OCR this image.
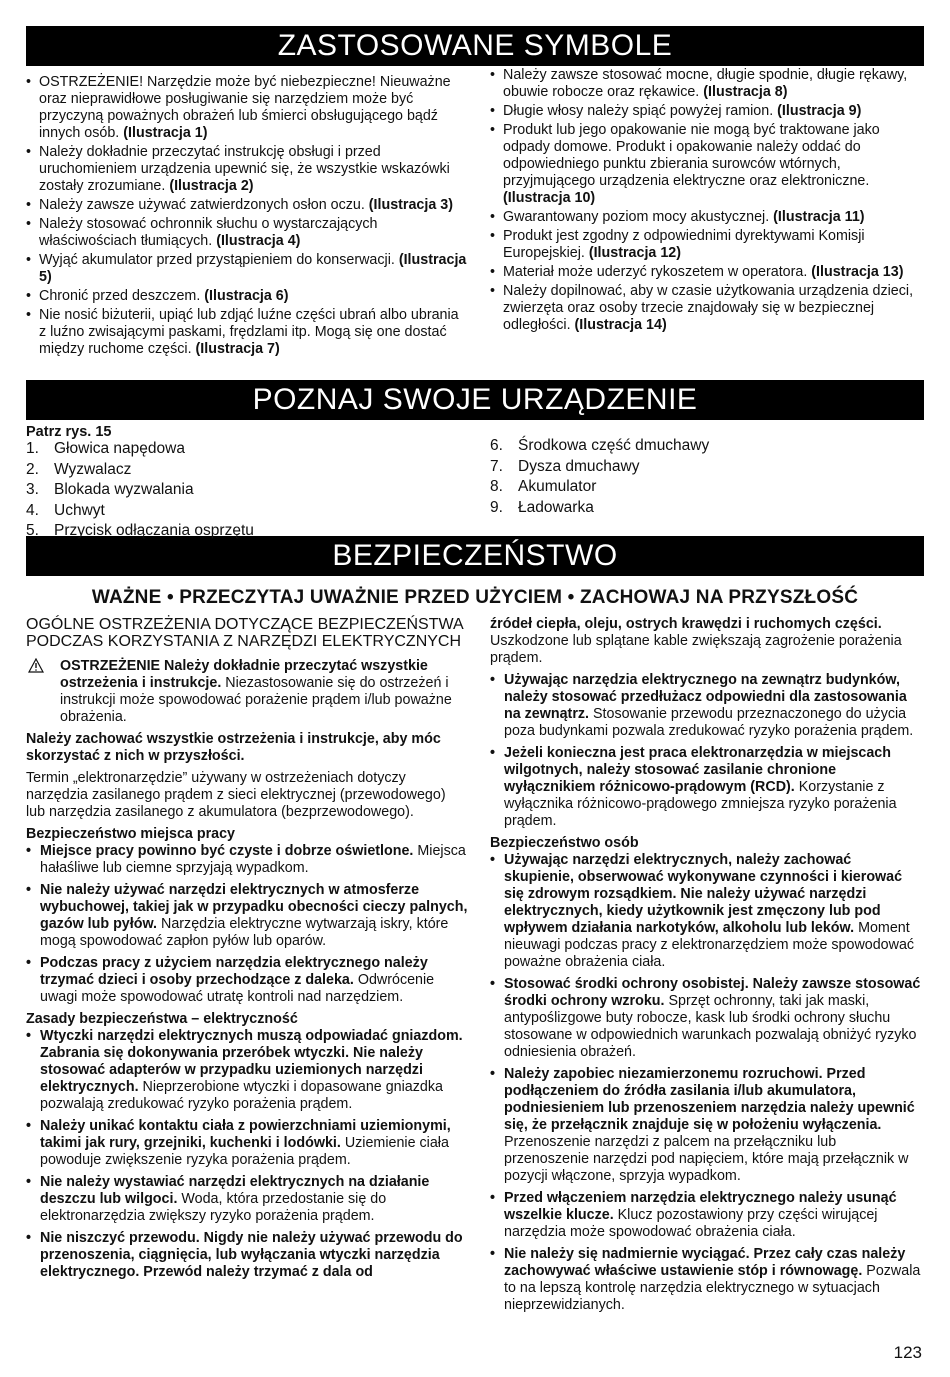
ZASTOSOWANE SYMBOLE
• OSTRZEŻENIE! Narzędzie może być niebezpieczne! Nieuważne oraz nieprawidłowe posługiwanie się narzędziem może być przyczyną poważnych obrażeń lub śmierci obsługującego bądź innych osób. (Ilustracja 1)
• Należy dokładnie przeczytać instrukcję obsługi i przed uruchomieniem urządzenia upewnić się, że wszystkie wskazówki zostały zrozumiane. (Ilustracja 2)
• Należy zawsze używać zatwierdzonych osłon oczu. (Ilustracja 3)
• Należy stosować ochronnik słuchu o wystarczających właściwościach tłumiących. (Ilustracja 4)
• Wyjąć akumulator przed przystąpieniem do konserwacji. (Ilustracja 5)
• Chronić przed deszczem. (Ilustracja 6)
• Nie nosić biżuterii, upiąć lub zdjąć luźne części ubrań albo ubrania z luźno zwisającymi paskami, frędzlami itp. Mogą się one dostać między ruchome części. (Ilustracja 7)
• Należy zawsze stosować mocne, długie spodnie, długie rękawy, obuwie robocze oraz rękawice. (Ilustracja 8)
• Długie włosy należy spiąć powyżej ramion. (Ilustracja 9)
• Produkt lub jego opakowanie nie mogą być traktowane jako odpady domowe. Produkt i opakowanie należy oddać do odpowiedniego punktu zbierania surowców wtórnych, przyjmującego urządzenia elektryczne oraz elektroniczne. (Ilustracja 10)
• Gwarantowany poziom mocy akustycznej. (Ilustracja 11)
• Produkt jest zgodny z odpowiednimi dyrektywami Komisji Europejskiej. (Ilustracja 12)
• Materiał może uderzyć rykoszetem w operatora. (Ilustracja 13)
• Należy dopilnować, aby w czasie użytkowania urządzenia dzieci, zwierzęta oraz osoby trzecie znajdowały się w bezpiecznej odległości. (Ilustracja 14)
POZNAJ SWOJE URZĄDZENIE
Patrz rys. 15
1. Głowica napędowa
2. Wyzwalacz
3. Blokada wyzwalania
4. Uchwyt
5. Przycisk odłączania osprzętu
6. Środkowa część dmuchawy
7. Dysza dmuchawy
8. Akumulator
9. Ładowarka
BEZPIECZEŃSTWO
WAŻNE • PRZECZYTAJ UWAŻNIE PRZED UŻYCIEM • ZACHOWAJ NA PRZYSZŁOŚĆ
OGÓLNE OSTRZEŻENIA DOTYCZĄCE BEZPIECZEŃSTWA PODCZAS KORZYSTANIA Z NARZĘDZI ELEKTRYCZNYCH
OSTRZEŻENIE Należy dokładnie przeczytać wszystkie ostrzeżenia i instrukcje. Niezastosowanie się do ostrzeżeń i instrukcji może spowodować porażenie prądem i/lub poważne obrażenia.

Należy zachować wszystkie ostrzeżenia i instrukcje, aby móc skorzystać z nich w przyszłości.

Termin „elektronarzędzie” używany w ostrzeżeniach dotyczy narzędzia zasilanego prądem z sieci elektrycznej (przewodowego) lub narzędzia zasilanego z akumulatora (bezprzewodowego).

Bezpieczeństwo miejsca pracy
• Miejsce pracy powinno być czyste i dobrze oświetlone. Miejsca hałaśliwe lub ciemne sprzyjają wypadkom.
• Nie należy używać narzędzi elektrycznych w atmosferze wybuchowej, takiej jak w przypadku obecności cieczy palnych, gazów lub pyłów. Narzędzia elektryczne wytwarzają iskry, które mogą spowodować zapłon pyłów lub oparów.
• Podczas pracy z użyciem narzędzia elektrycznego należy trzymać dzieci i osoby przechodzące z daleka. Odwrócenie uwagi może spowodować utratę kontroli nad narzędziem.
Zasady bezpieczeństwa – elektryczność
• Wtyczki narzędzi elektrycznych muszą odpowiadać gniazdom. Zabrania się dokonywania przeróbek wtyczki. Nie należy stosować adapterów w przypadku uziemionych narzędzi elektrycznych. Nieprzerobione wtyczki i dopasowane gniazdka pozwalają zredukować ryzyko porażenia prądem.
• Należy unikać kontaktu ciała z powierzchniami uziemionymi, takimi jak rury, grzejniki, kuchenki i lodówki. Uziemienie ciała powoduje zwiększenie ryzyka porażenia prądem.
• Nie należy wystawiać narzędzi elektrycznych na działanie deszczu lub wilgoci. Woda, która przedostanie się do elektronarzędzia zwiększy ryzyko porażenia prądem.
• Nie niszczyć przewodu. Nigdy nie należy używać przewodu do przenoszenia, ciągnięcia, lub wyłączania wtyczki narzędzia elektrycznego. Przewód należy trzymać z dala od

źródeł ciepła, oleju, ostrych krawędzi i ruchomych części. Uszkodzone lub splątane kable zwiększają zagrożenie porażenia prądem.

• Używając narzędzia elektrycznego na zewnątrz budynków, należy stosować przedłużacz odpowiedni dla zastosowania na zewnątrz. Stosowanie przewodu przeznaczonego do użycia poza budynkami pozwala zredukować ryzyko porażenia prądem.
• Jeżeli konieczna jest praca elektronarzędzia w miejscach wilgotnych, należy stosować zasilanie chronione wyłącznikiem różnicowo-prądowym (RCD). Korzystanie z wyłącznika różnicowo-prądowego zmniejsza ryzyko porażenia prądem.
Bezpieczeństwo osób
• Używając narzędzi elektrycznych, należy zachować skupienie, obserwować wykonywane czynności i kierować się zdrowym rozsądkiem. Nie należy używać narzędzi elektrycznych, kiedy użytkownik jest zmęczony lub pod wpływem działania narkotyków, alkoholu lub leków. Moment nieuwagi podczas pracy z elektronarzędziem może spowodować poważne obrażenia ciała.
• Stosować środki ochrony osobistej. Należy zawsze stosować środki ochrony wzroku. Sprzęt ochronny, taki jak maski, antypoślizgowe buty robocze, kask lub środki ochrony słuchu stosowane w odpowiednich warunkach pozwalają obniżyć ryzyko odniesienia obrażeń.
• Należy zapobiec niezamierzonemu rozruchowi. Przed podłączeniem do źródła zasilania i/lub akumulatora, podniesieniem lub przenoszeniem narzędzia należy upewnić się, że przełącznik znajduje się w położeniu wyłączenia. Przenoszenie narzędzi z palcem na przełączniku lub przenoszenie narzędzi pod napięciem, które mają przełącznik w pozycji włączone, sprzyja wypadkom.
• Przed włączeniem narzędzia elektrycznego należy usunąć wszelkie klucze. Klucz pozostawiony przy części wirującej narzędzia może spowodować obrażenia ciała.
• Nie należy się nadmiernie wyciągać. Przez cały czas należy zachowywać właściwe ustawienie stóp i równowagę. Pozwala to na lepszą kontrolę narzędzia elektrycznego w sytuacjach nieprzewidzianych.
123
